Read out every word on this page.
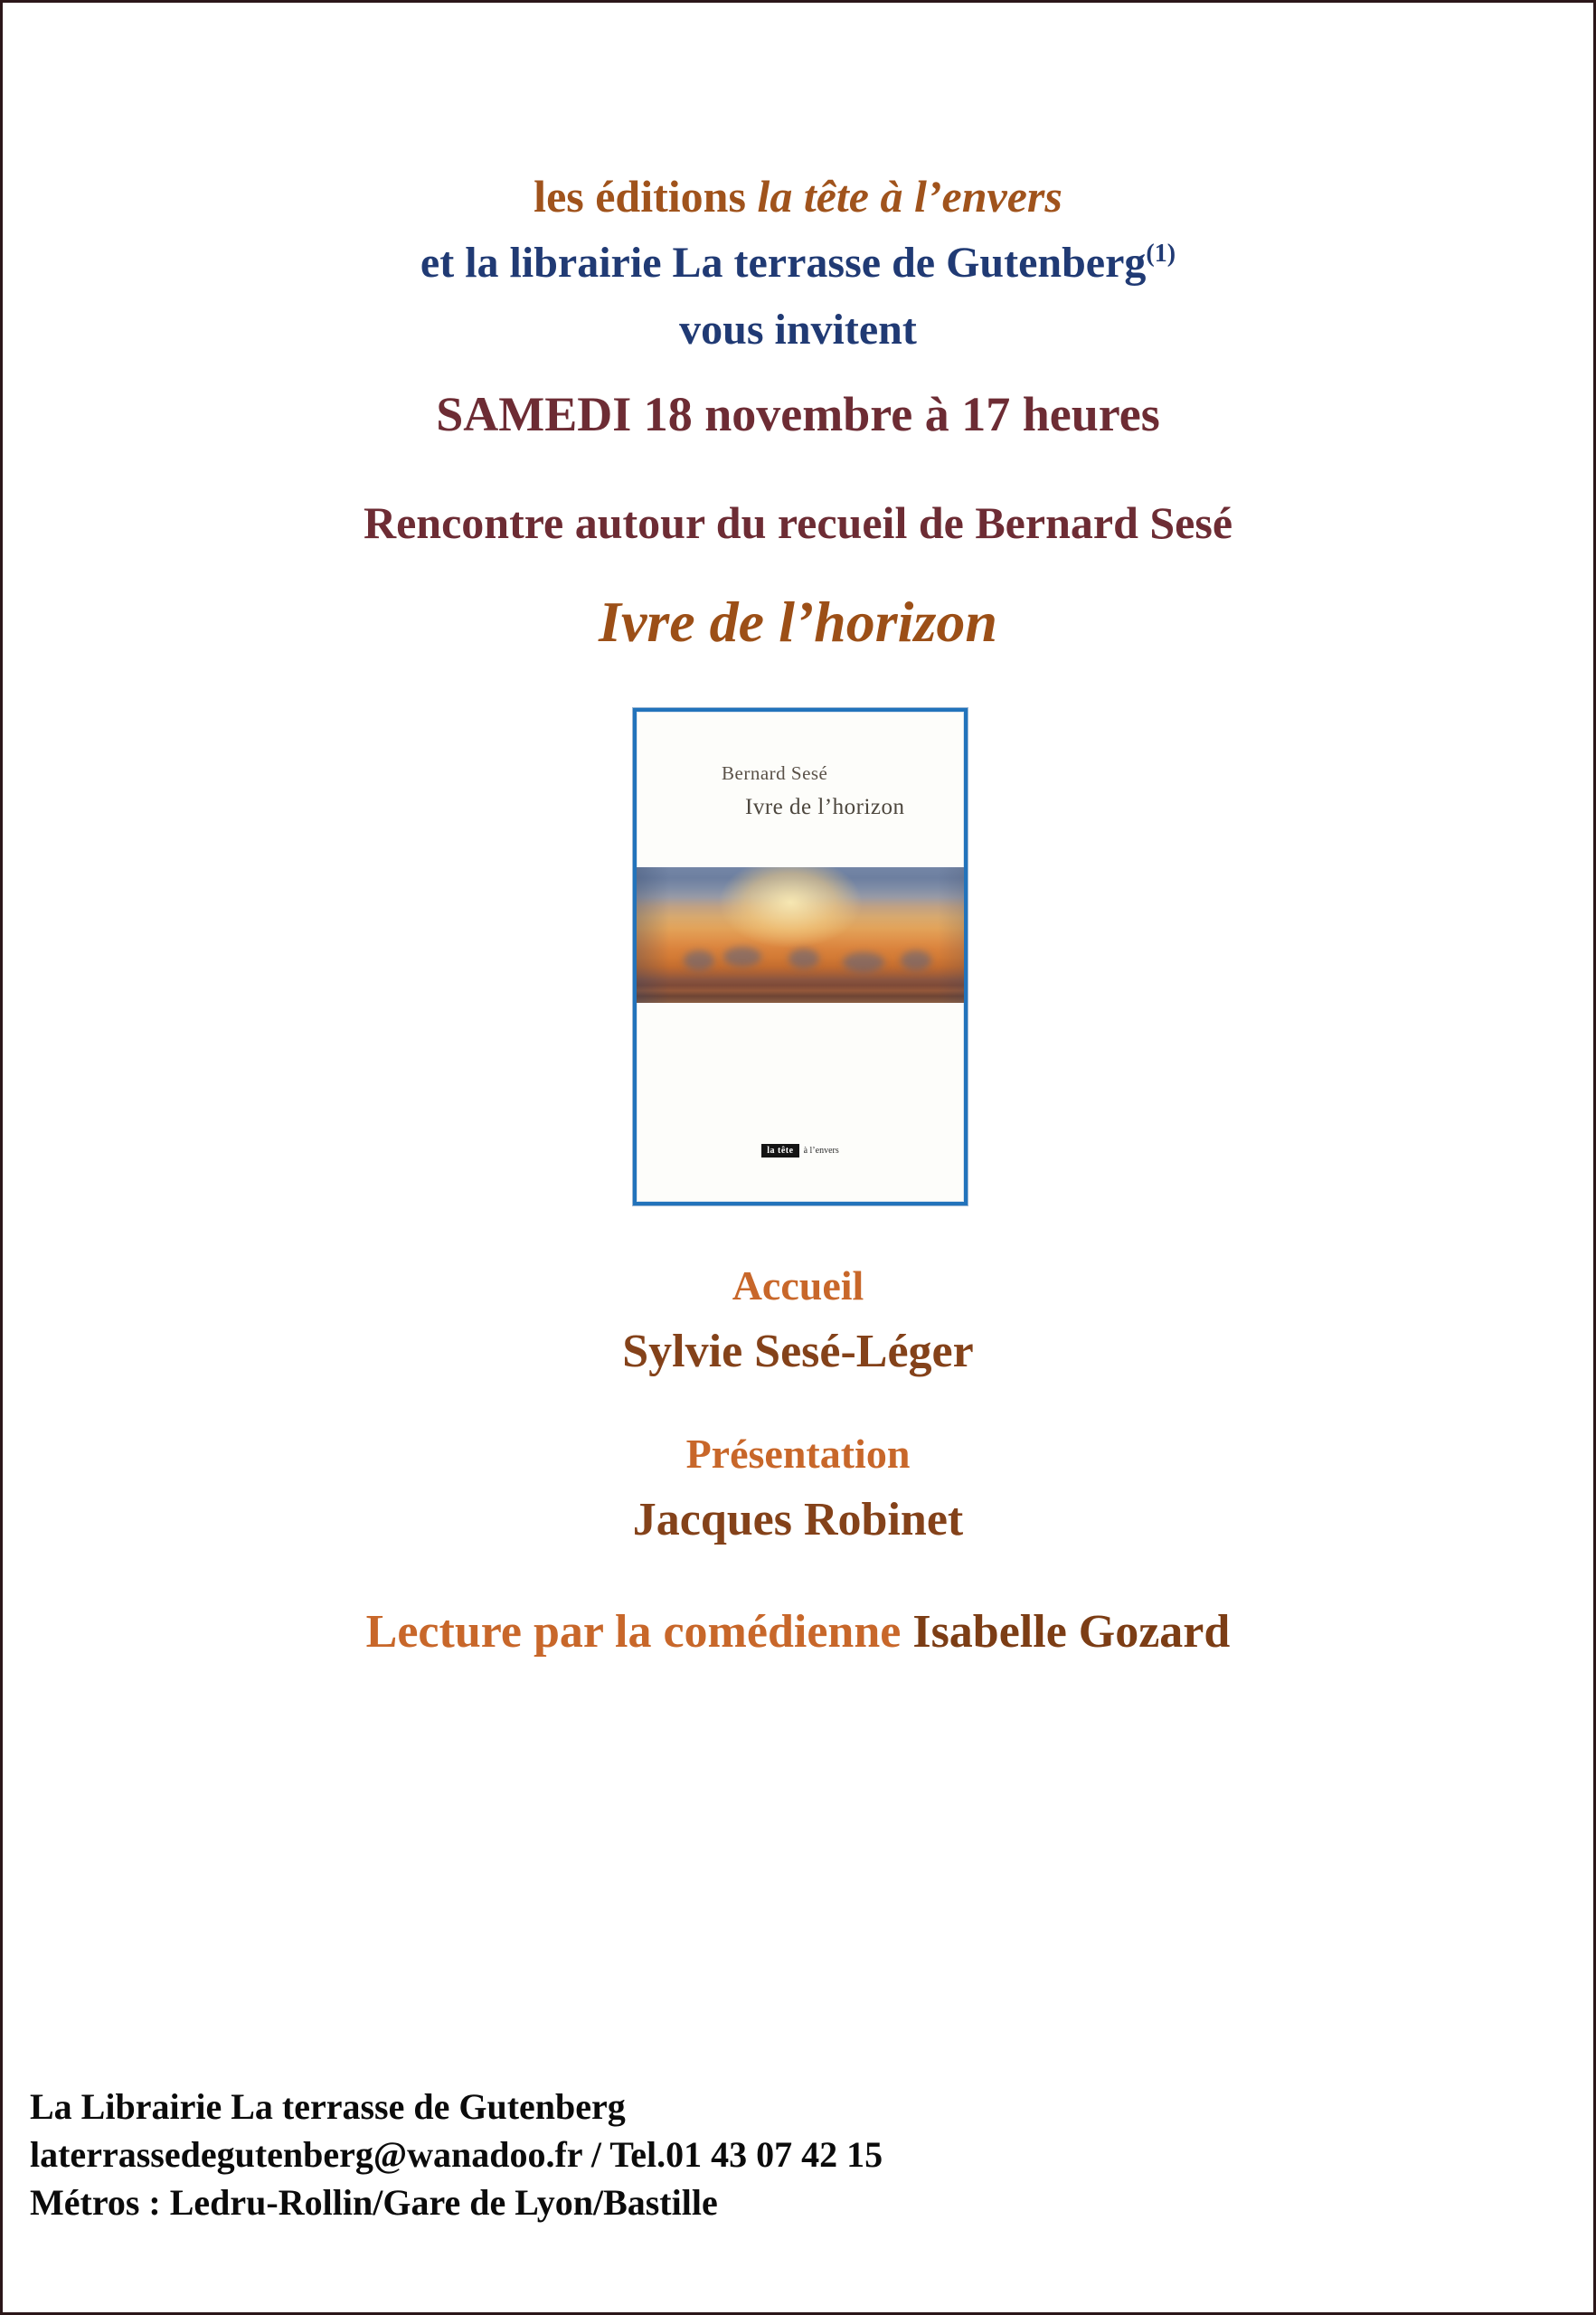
les éditions la tête à l’envers
et la librairie La terrasse de Gutenberg$^{(1)}$
vous invitent
SAMEDI 18 novembre à 17 heures
Rencontre autour du recueil de Bernard Sesé
Ivre de l’horizon
Bernard Sesé
Ivre de l’horizon
la tête	à l’envers
Accueil
Sylvie Sesé-Léger
Présentation
Jacques Robinet
Lecture par la comédienne Isabelle Gozard
La Librairie La terrasse de Gutenberg
laterrassedegutenberg@wanadoo.fr / Tel.01 43 07 42 15
Métros : Ledru-Rollin/Gare de Lyon/Bastille
